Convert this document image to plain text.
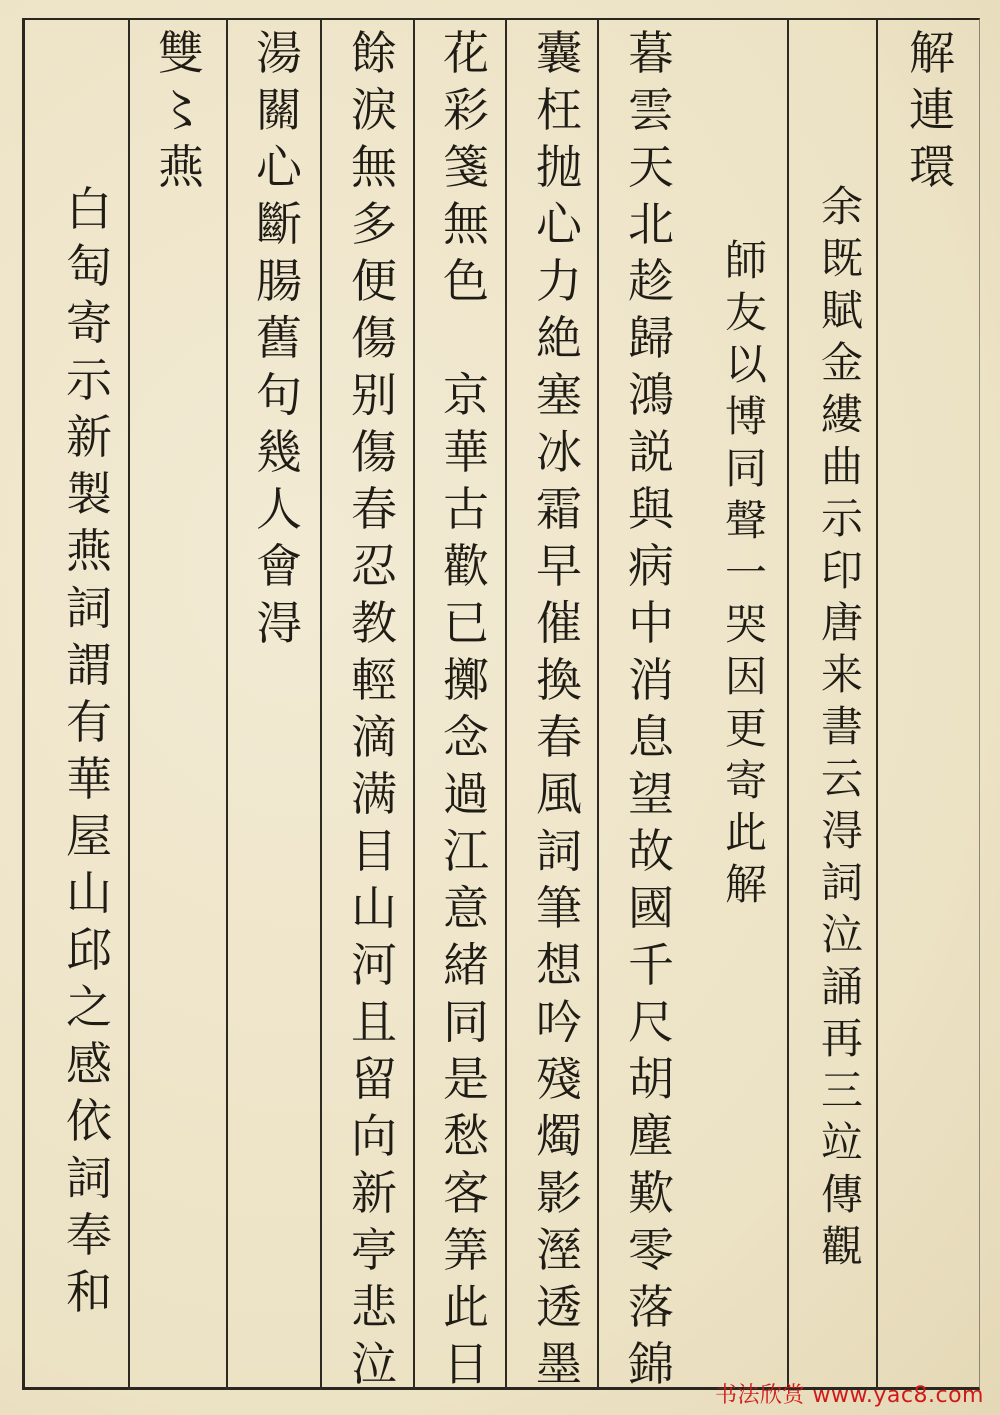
解
連
環
余
既
賦
金
縷
曲
示
印
唐
来
書
云
淂
詞
泣
誦
再
三
竝
傳
觀
師
友
以
博
同
聲
一
哭
因
更
寄
此
解
暮
雲
天
北
趁
歸
鴻
説
與
病
中
消
息
望
故
國
千
尺
胡
塵
歎
零
落
錦
囊
枉
抛
心
力
絶
塞
冰
霜
早
催
換
春
風
詞
筆
想
吟
殘
燭
影
溼
透
墨
花
彩
箋
無
色

京
華
古
歡
已
擲
念
過
江
意
緒
同
是
愁
客
筭
此
日
餘
淚
無
多
便
傷
别
傷
春
忍
教
輕
滴
满
目
山
河
且
留
向
新
亭
悲
泣
湯
關
心
斷
腸
舊
句
幾
人
會
淂
雙
〻
燕
白
匋
寄
示
新
製
燕
詞
謂
有
華
屋
山
邱
之
感
依
詞
奉
和
书法欣赏 www.yac8.com
